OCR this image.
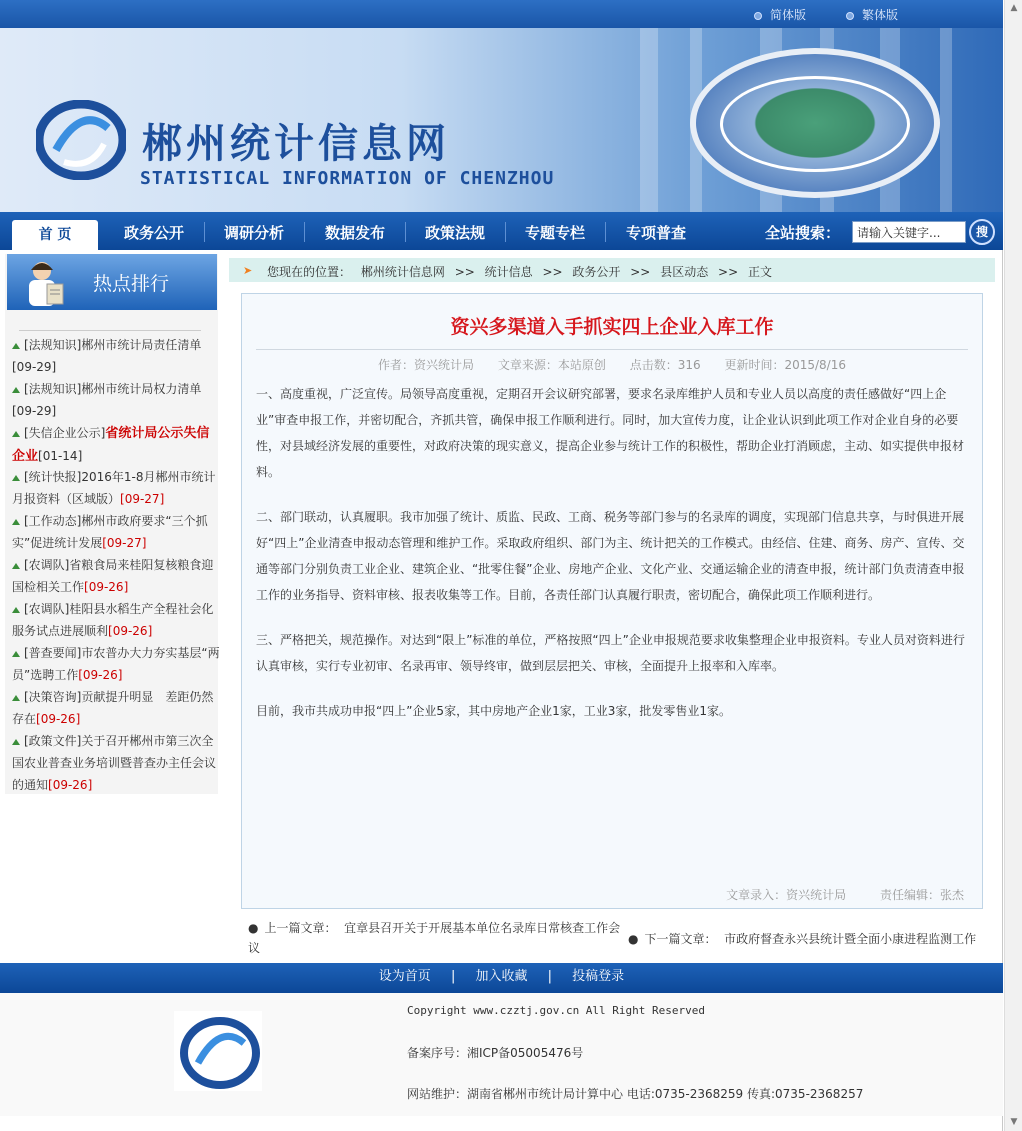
简体版	繁体版
郴州统计信息网
STATISTICAL INFORMATION OF CHENZHOU
首 页	政务公开	调研分析	数据发布	政策法规	专题专栏	专项普查	全站搜索：
请输入关键字...	搜
热点排行
[法规知识]郴州市统计局责任清单
[09-29]
[法规知识]郴州市统计局权力清单
[09-29]
[失信企业公示]省统计局公示失信企业[01-14]
[统计快报]2016年1-8月郴州市统计月报资料（区域版）[09-27]
[工作动态]郴州市政府要求“三个抓实”促进统计发展[09-27]
[农调队]省粮食局来桂阳复核粮食迎国检相关工作[09-26]
[农调队]桂阳县水稻生产全程社会化服务试点进展顺利[09-26]
[普查要闻]市农普办大力夯实基层“两员”选聘工作[09-26]
[决策咨询]贡献提升明显　差距仍然存在[09-26]
[政策文件]关于召开郴州市第三次全国农业普查业务培训暨普查办主任会议的通知[09-26]
➤ 您现在的位置： 郴州统计信息网 >> 统计信息 >> 政务公开 >> 县区动态 >> 正文
资兴多渠道入手抓实四上企业入库工作
作者：资兴统计局 文章来源：本站原创 点击数：316 更新时间：2015/8/16

一、高度重视，广泛宣传。局领导高度重视，定期召开会议研究部署，要求名录库维护人员和专业人员以高度的责任感做好“四上企业”审查申报工作，并密切配合，齐抓共管，确保申报工作顺利进行。同时，加大宣传力度，让企业认识到此项工作对企业自身的必要性，对县域经济发展的重要性，对政府决策的现实意义，提高企业参与统计工作的积极性，帮助企业打消顾虑，主动、如实提供申报材料。

二、部门联动，认真履职。我市加强了统计、质监、民政、工商、税务等部门参与的名录库的调度，实现部门信息共享，与时俱进开展好“四上”企业清查申报动态管理和维护工作。采取政府组织、部门为主、统计把关的工作模式。由经信、住建、商务、房产、宣传、交通等部门分别负责工业企业、建筑企业、“批零住餐”企业、房地产企业、文化产业、交通运输企业的清查申报，统计部门负责清查申报工作的业务指导、资料审核、报表收集等工作。目前，各责任部门认真履行职责，密切配合，确保此项工作顺利进行。

三、严格把关，规范操作。对达到“限上”标准的单位，严格按照“四上”企业申报规范要求收集整理企业申报资料。专业人员对资料进行认真审核，实行专业初审、名录再审、领导终审，做到层层把关、审核，全面提升上报率和入库率。

目前，我市共成功申报“四上”企业5家，其中房地产企业1家，工业3家，批发零售业1家。

文章录入：资兴统计局	责任编辑：张杰
● 上一篇文章： 宜章县召开关于开展基本单位名录库日常核查工作会议
● 下一篇文章： 市政府督查永兴县统计暨全面小康进程监测工作
设为首页 | 加入收藏 | 投稿登录
Copyright www.czztj.gov.cn All Right Reserved
备案序号：湘ICP备05005476号
网站维护：湖南省郴州市统计局计算中心 电话:0735-2368259 传真:0735-2368257
▲
▼
